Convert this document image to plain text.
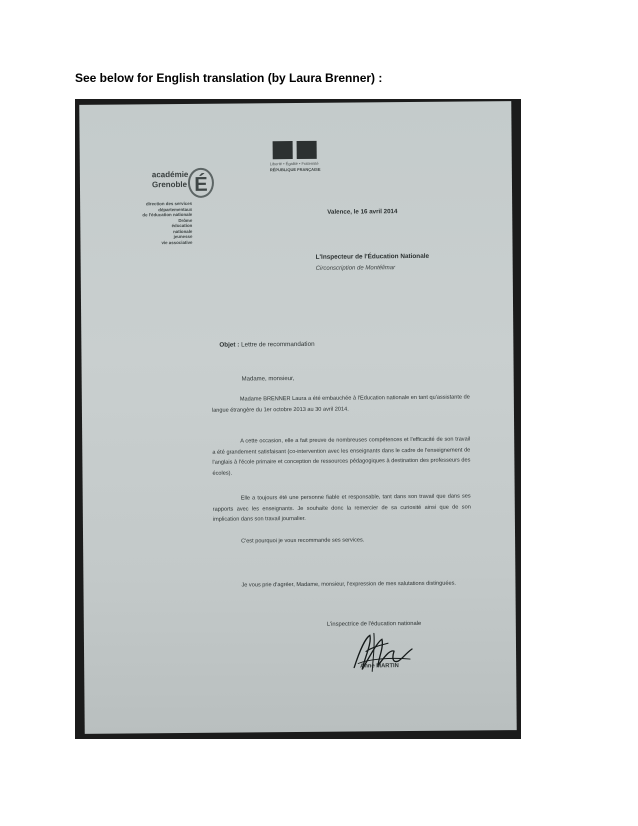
See below for English translation (by Laura Brenner) :
Liberté • Égalité • Fraternité
RÉPUBLIQUE FRANÇAISE
académie
Grenoble É
direction des services
départementaux
de l'éducation nationale
Drôme
éducation
nationale
jeunesse
vie associative
Valence, le 16 avril 2014
L'Inspecteur de l'Éducation Nationale
Circonscription de Montélimar
Objet : Lettre de recommandation
Madame, monsieur,
Madame BRENNER Laura a été embauchée à l'Education nationale en tant qu'assistante de langue étrangère du 1er octobre 2013 au 30 avril 2014.
A cette occasion, elle a fait preuve de nombreuses compétences et l'efficacité de son travail a été grandement satisfaisant (co-intervention avec les enseignants dans le cadre de l'enseignement de l'anglais à l'école primaire et conception de ressources pédagogiques à destination des professeurs des écoles).
Elle a toujours été une personne fiable et responsable, tant dans son travail que dans ses rapports avec les enseignants. Je souhaite donc la remercier de sa curiosité ainsi que de son implication dans son travail journalier.
C'est pourquoi je vous recommande ses services.
Je vous prie d'agréer, Madame, monsieur, l'expression de mes salutations distinguées.
L'inspectrice de l'éducation nationale
Anne MARTIN
